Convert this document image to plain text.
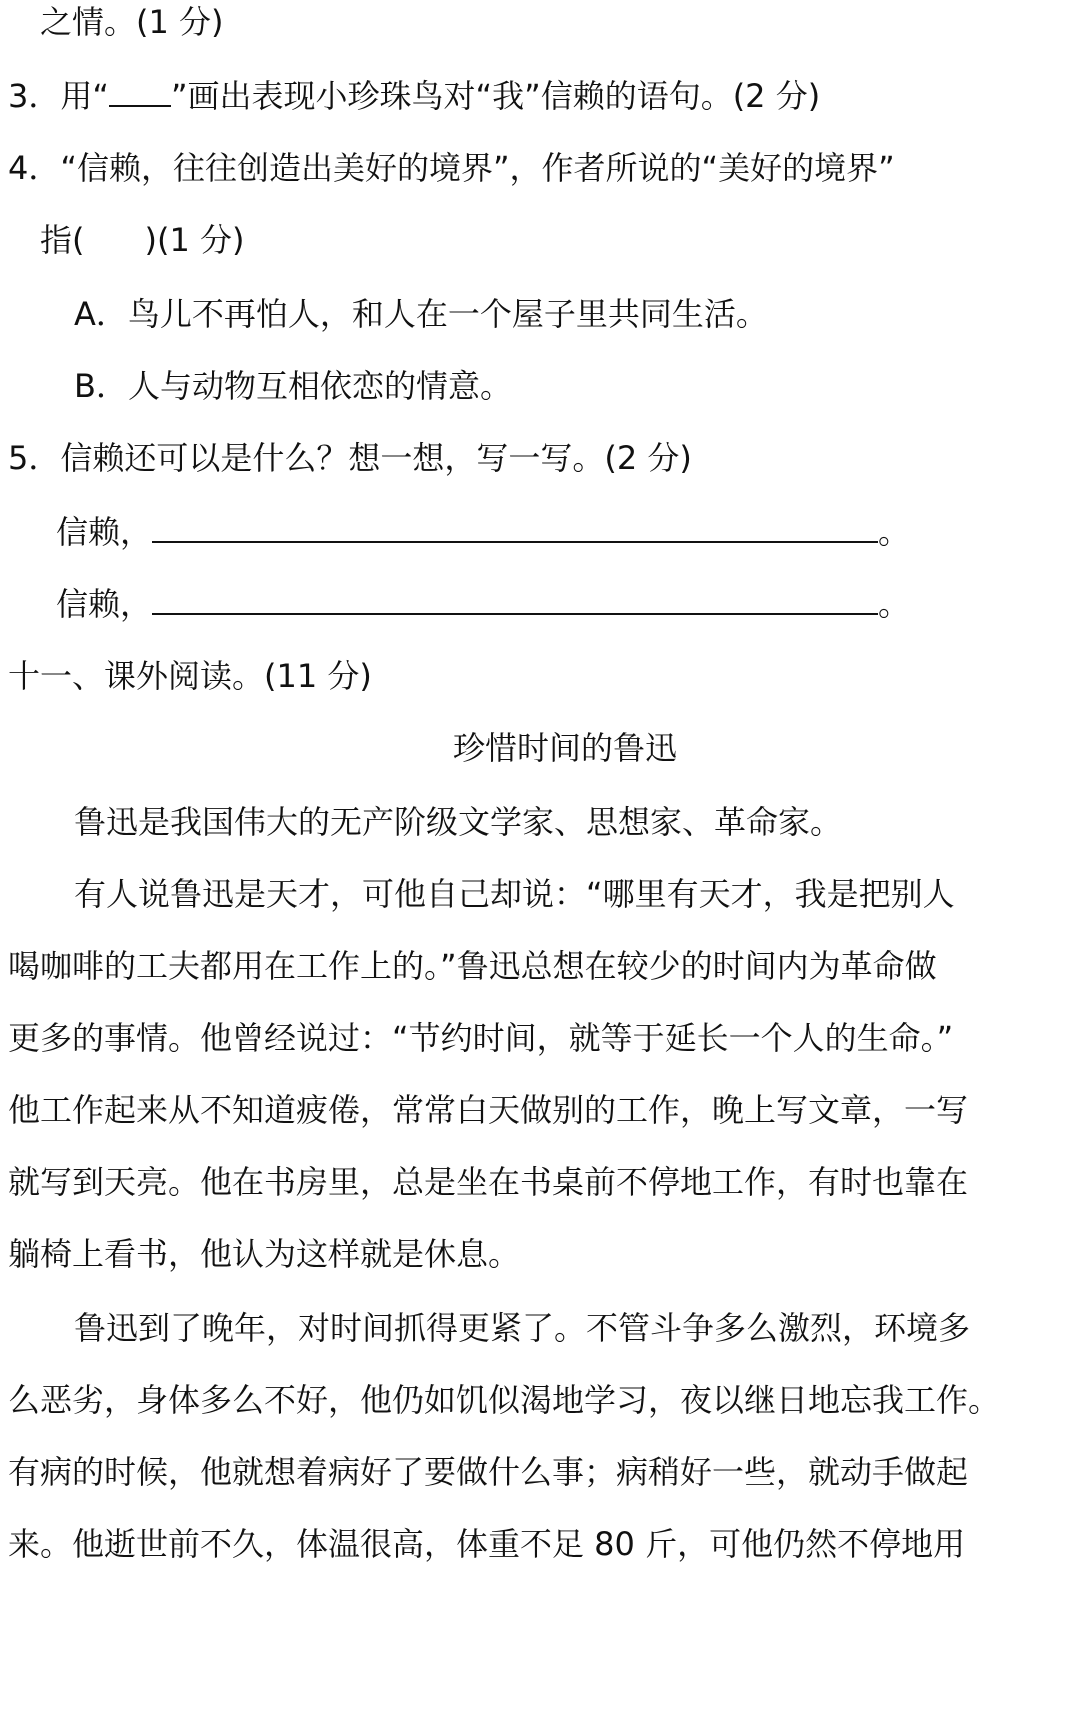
之情。(1 分)
3．用“ ”画出表现小珍珠鸟对“我”信赖的语句。(2 分)
4．“信赖，往往创造出美好的境界”，作者所说的“美好的境界”
指( )(1 分)
A．鸟儿不再怕人，和人在一个屋子里共同生活。
B．人与动物互相依恋的情意。
5．信赖还可以是什么？想一想，写一写。(2 分)
信赖，	。
信赖，	。
十一、课外阅读。(11 分)
珍惜时间的鲁迅
鲁迅是我国伟大的无产阶级文学家、思想家、革命家。
有人说鲁迅是天才，可他自己却说：“哪里有天才，我是把别人
喝咖啡的工夫都用在工作上的。”鲁迅总想在较少的时间内为革命做
更多的事情。他曾经说过：“节约时间，就等于延长一个人的生命。”
他工作起来从不知道疲倦，常常白天做别的工作，晚上写文章，一写
就写到天亮。他在书房里，总是坐在书桌前不停地工作，有时也靠在
躺椅上看书，他认为这样就是休息。
鲁迅到了晚年，对时间抓得更紧了。不管斗争多么激烈，环境多
么恶劣，身体多么不好，他仍如饥似渴地学习，夜以继日地忘我工作。
有病的时候，他就想着病好了要做什么事；病稍好一些，就动手做起
来。他逝世前不久，体温很高，体重不足 80 斤，可他仍然不停地用
